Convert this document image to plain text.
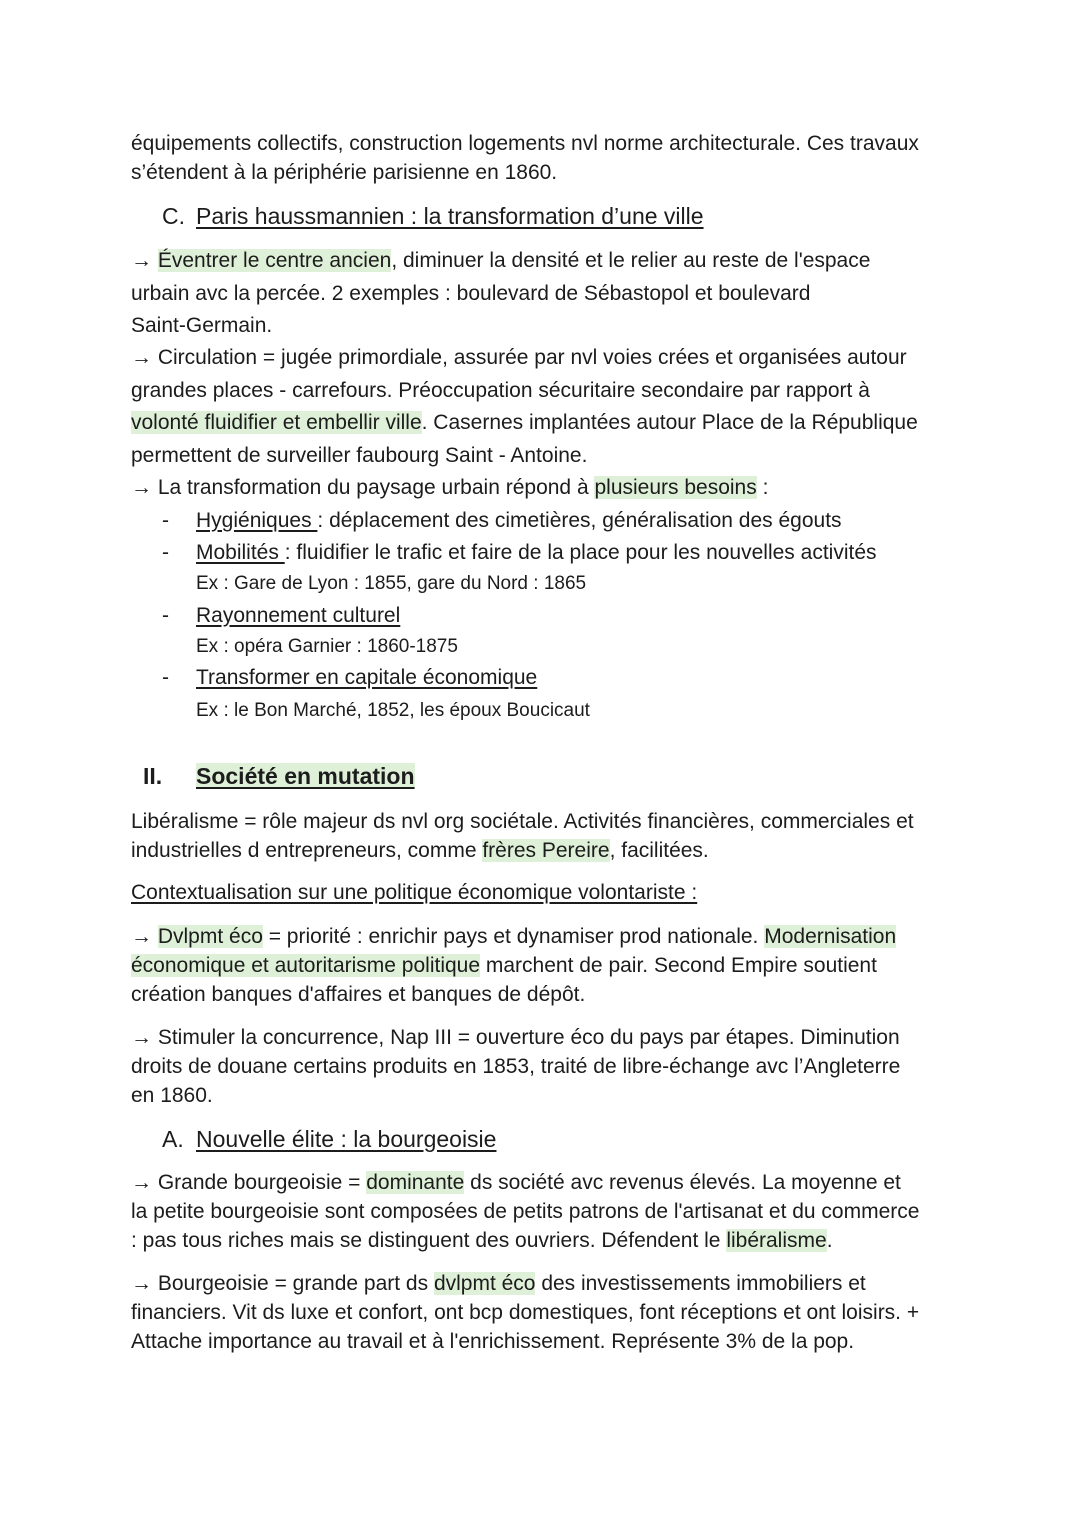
équipements collectifs, construction logements nvl norme architecturale. Ces travaux
s’étendent à la périphérie parisienne en 1860.

C. Paris haussmannien : la transformation d’une ville

→ Éventrer le centre ancien, diminuer la densité et le relier au reste de l'espace
urbain avc la percée. 2 exemples : boulevard de Sébastopol et boulevard
Saint-Germain.

→ Circulation = jugée primordiale, assurée par nvl voies crées et organisées autour
grandes places - carrefours. Préoccupation sécuritaire secondaire par rapport à
volonté fluidifier et embellir ville. Casernes implantées autour Place de la République
permettent de surveiller faubourg Saint - Antoine.
→ La transformation du paysage urbain répond à plusieurs besoins :

- Hygiéniques : déplacement des cimetières, généralisation des égouts
- Mobilités : fluidifier le trafic et faire de la place pour les nouvelles activités

Ex : Gare de Lyon : 1855, gare du Nord : 1865

- Rayonnement culturel

Ex : opéra Garnier : 1860-1875

- Transformer en capitale économique

Ex : le Bon Marché, 1852, les époux Boucicaut

II. Société en mutation

Libéralisme = rôle majeur ds nvl org sociétale. Activités financières, commerciales et
industrielles d entrepreneurs, comme frères Pereire, facilitées.

Contextualisation sur une politique économique volontariste :

→ Dvlpmt éco = priorité : enrichir pays et dynamiser prod nationale. Modernisation
économique et autoritarisme politique marchent de pair. Second Empire soutient
création banques d'affaires et banques de dépôt.

→ Stimuler la concurrence, Nap III = ouverture éco du pays par étapes. Diminution
droits de douane certains produits en 1853, traité de libre-échange avc l’Angleterre
en 1860.

A. Nouvelle élite : la bourgeoisie

→ Grande bourgeoisie = dominante ds société avc revenus élevés. La moyenne et
la petite bourgeoisie sont composées de petits patrons de l'artisanat et du commerce
: pas tous riches mais se distinguent des ouvriers. Défendent le libéralisme.

→ Bourgeoisie = grande part ds dvlpmt éco des investissements immobiliers et
financiers. Vit ds luxe et confort, ont bcp domestiques, font réceptions et ont loisirs. +
Attache importance au travail et à l'enrichissement. Représente 3% de la pop.
